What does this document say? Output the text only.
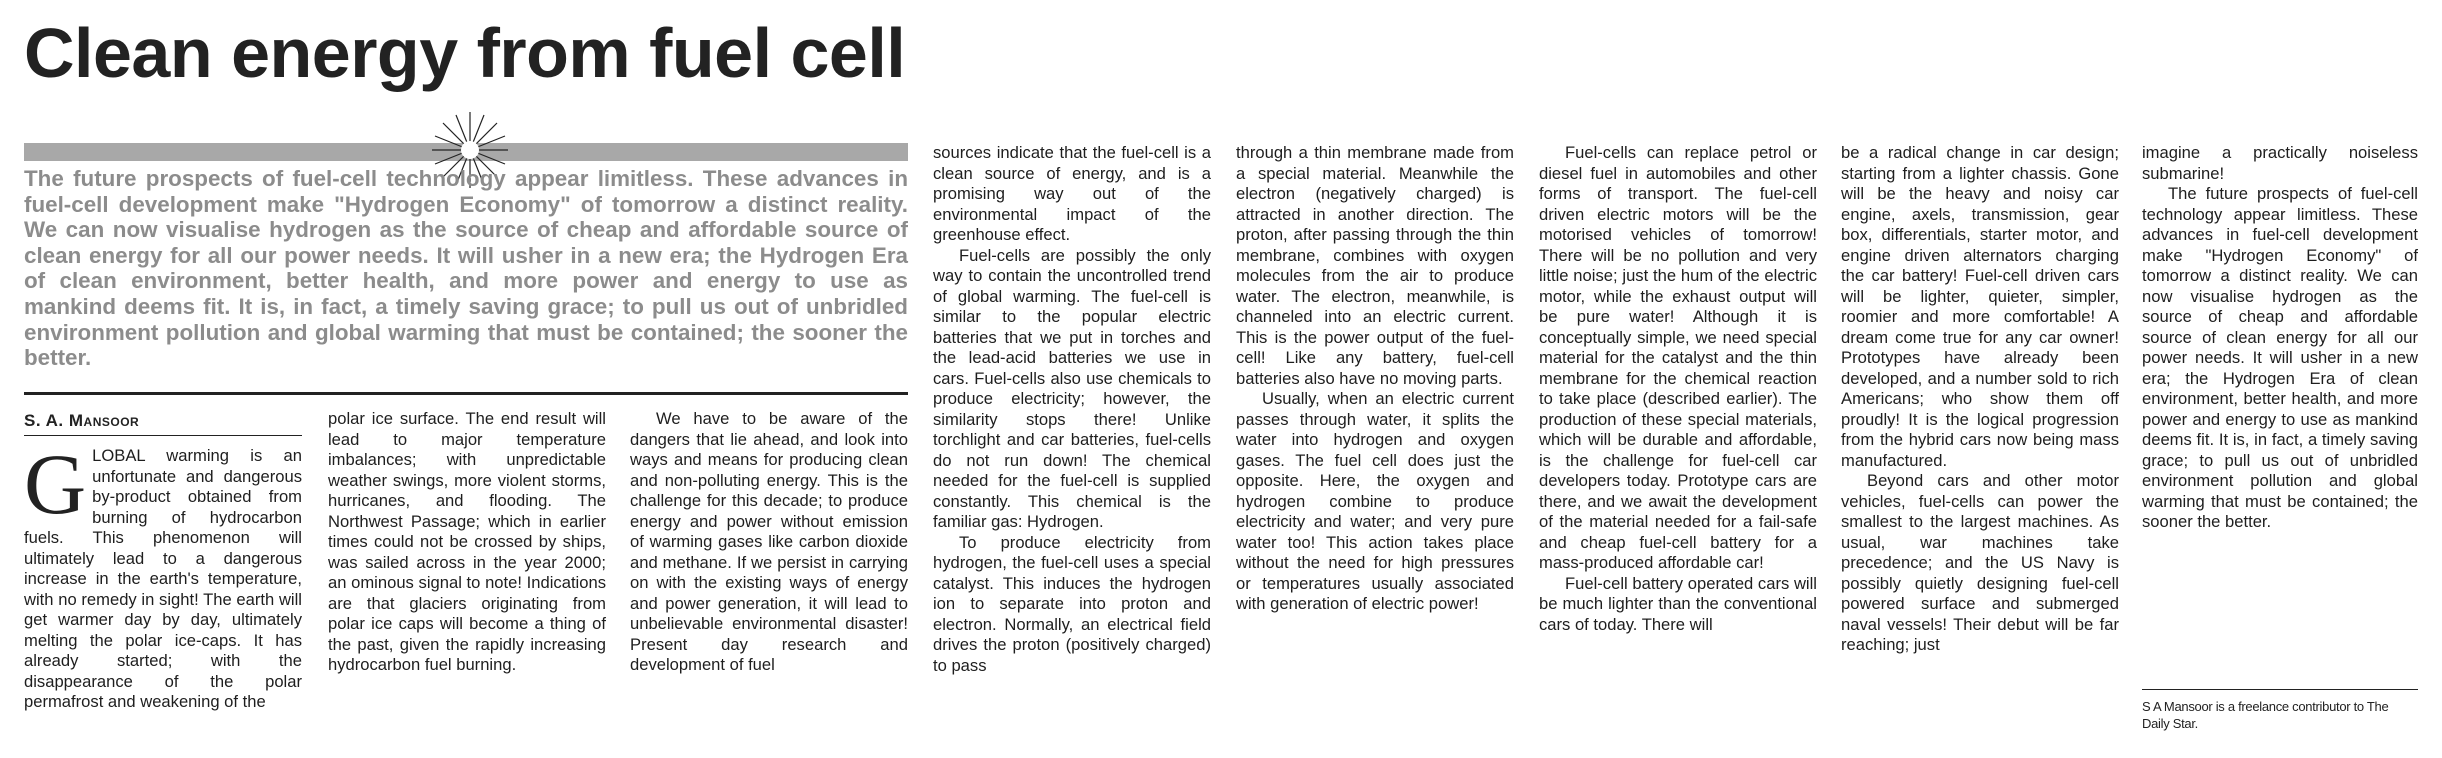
Clean energy from fuel cell

The future prospects of fuel-cell technology appear limitless. These advances in fuel-cell development make "Hydrogen Economy" of tomorrow a distinct reality. We can now visualise hydrogen as the source of cheap and affordable source of clean energy for all our power needs. It will usher in a new era; the Hydrogen Era of clean environment, better health, and more power and energy to use as mankind deems fit. It is, in fact, a timely saving grace; to pull us out of unbridled environment pollution and global warming that must be contained; the sooner the better.

S. A. Mansoor
G LOBAL warming is an unfortunate and dangerous by-product obtained from burning of hydrocarbon fuels. This phenomenon will ultimately lead to a dangerous increase in the earth's temperature, with no remedy in sight! The earth will get warmer day by day, ultimately melting the polar ice-caps. It has already started; with the disappearance of the polar permafrost and weakening of the

polar ice surface. The end result will lead to major temperature imbalances; with unpredictable weather swings, more violent storms, hurricanes, and flooding. The Northwest Passage; which in earlier times could not be crossed by ships, was sailed across in the year 2000; an ominous signal to note! Indications are that glaciers originating from polar ice caps will become a thing of the past, given the rapidly increasing hydrocarbon fuel burning.

We have to be aware of the dangers that lie ahead, and look into ways and means for producing clean and non-polluting energy. This is the challenge for this decade; to produce energy and power without emission of warming gases like carbon dioxide and methane. If we persist in carrying on with the existing ways of energy and power generation, it will lead to unbelievable environmental disaster! Present day research and development of fuel

sources indicate that the fuel-cell is a clean source of energy, and is a promising way out of the environmental impact of the greenhouse effect.

Fuel-cells are possibly the only way to contain the uncontrolled trend of global warming. The fuel-cell is similar to the popular electric batteries that we put in torches and the lead-acid batteries we use in cars. Fuel-cells also use chemicals to produce electricity; however, the similarity stops there! Unlike torchlight and car batteries, fuel-cells do not run down! The chemical needed for the fuel-cell is supplied constantly. This chemical is the familiar gas: Hydrogen.

To produce electricity from hydrogen, the fuel-cell uses a special catalyst. This induces the hydrogen ion to separate into proton and electron. Normally, an electrical field drives the proton (positively charged) to pass

through a thin membrane made from a special material. Meanwhile the electron (negatively charged) is attracted in another direction. The proton, after passing through the thin membrane, combines with oxygen molecules from the air to produce water. The electron, meanwhile, is channeled into an electric current. This is the power output of the fuel-cell! Like any battery, fuel-cell batteries also have no moving parts.

Usually, when an electric current passes through water, it splits the water into hydrogen and oxygen gases. The fuel cell does just the opposite. Here, the oxygen and hydrogen combine to produce electricity and water; and very pure water too! This action takes place without the need for high pressures or temperatures usually associated with generation of electric power!

Fuel-cells can replace petrol or diesel fuel in automobiles and other forms of transport. The fuel-cell driven electric motors will be the motorised vehicles of tomorrow! There will be no pollution and very little noise; just the hum of the electric motor, while the exhaust output will be pure water! Although it is conceptually simple, we need special material for the catalyst and the thin membrane for the chemical reaction to take place (described earlier). The production of these special materials, which will be durable and affordable, is the challenge for fuel-cell car developers today. Prototype cars are there, and we await the development of the material needed for a fail-safe and cheap fuel-cell battery for a mass-produced affordable car!

Fuel-cell battery operated cars will be much lighter than the conventional cars of today. There will

be a radical change in car design; starting from a lighter chassis. Gone will be the heavy and noisy car engine, axels, transmission, gear box, differentials, starter motor, and engine driven alternators charging the car battery! Fuel-cell driven cars will be lighter, quieter, simpler, roomier and more comfortable! A dream come true for any car owner! Prototypes have already been developed, and a number sold to rich Americans; who show them off proudly! It is the logical progression from the hybrid cars now being mass manufactured.

Beyond cars and other motor vehicles, fuel-cells can power the smallest to the largest machines. As usual, war machines take precedence; and the US Navy is possibly quietly designing fuel-cell powered surface and submerged naval vessels! Their debut will be far reaching; just

imagine a practically noiseless submarine!

The future prospects of fuel-cell technology appear limitless. These advances in fuel-cell development make "Hydrogen Economy" of tomorrow a distinct reality. We can now visualise hydrogen as the source of cheap and affordable source of clean energy for all our power needs. It will usher in a new era; the Hydrogen Era of clean environment, better health, and more power and energy to use as mankind deems fit. It is, in fact, a timely saving grace; to pull us out of unbridled environment pollution and global warming that must be contained; the sooner the better.

S A Mansoor is a freelance contributor to The Daily Star.
